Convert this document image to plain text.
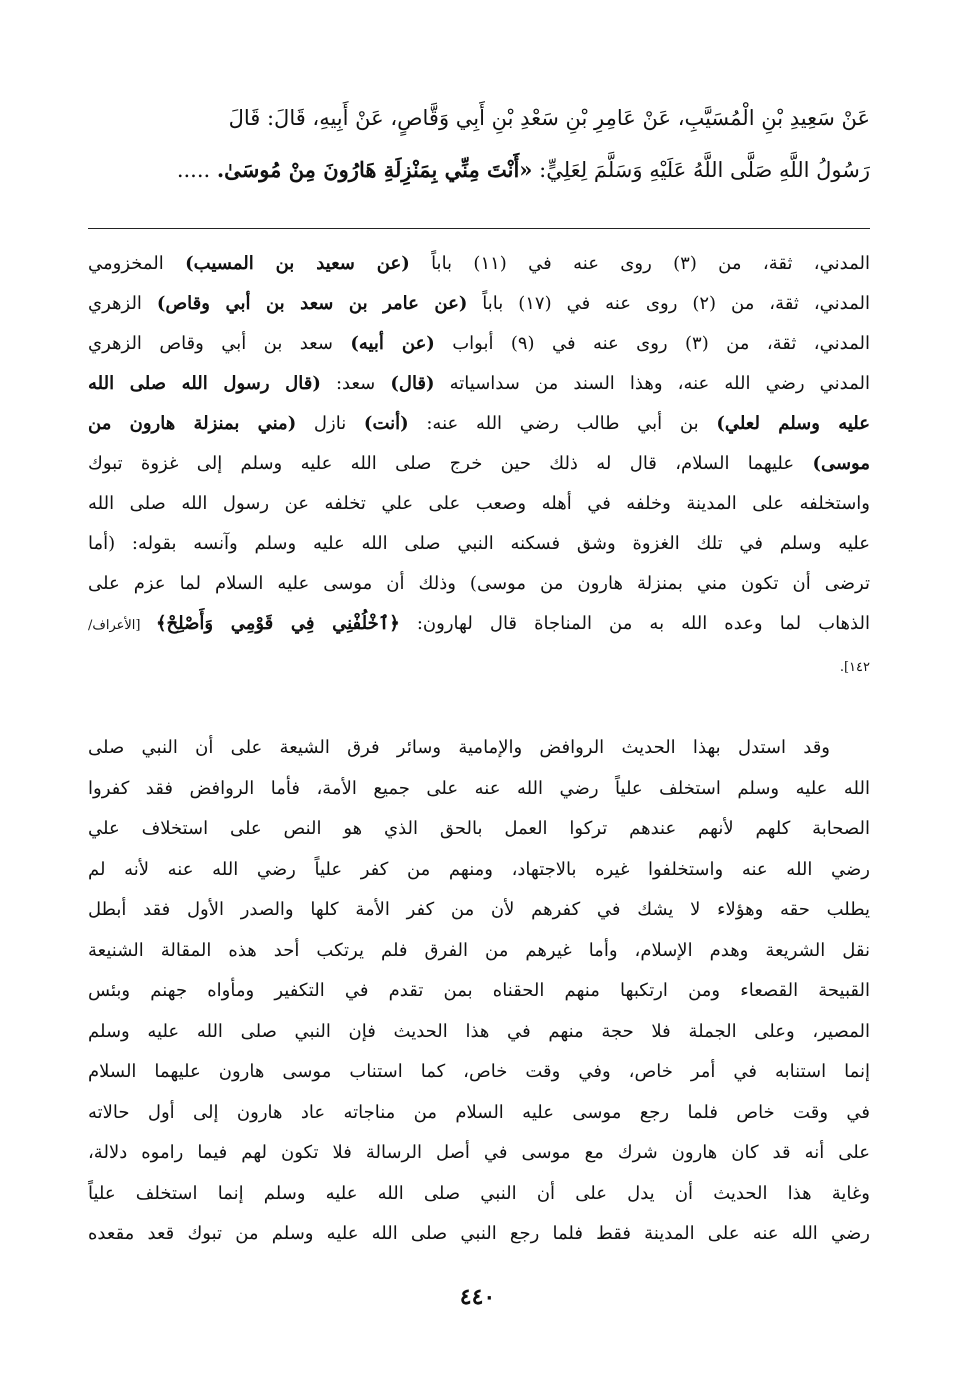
عَنْ سَعِيدِ بْنِ الْمُسَيَّبِ، عَنْ عَامِرِ بْنِ سَعْدِ بْنِ أَبِي وَقَّاصٍ، عَنْ أَبِيهِ، قَالَ: قَالَ
رَسُولُ اللَّهِ صَلَّى اللَّهُ عَلَيْهِ وَسَلَّمَ لِعَلِيٍّ: «أَنْتَ مِنِّي بِمَنْزِلَةِ هَارُونَ مِنْ مُوسَىٰ. .....
المدني، ثقة، من (٣) روى عنه في (١١) باباً (عن سعيد بن المسيب) المخزومي
المدني، ثقة، من (٢) روى عنه في (١٧) باباً (عن عامر بن سعد بن أبي وقاص) الزهري
المدني، ثقة، من (٣) روى عنه في (٩) أبواب (عن أبيه) سعد بن أبي وقاص الزهري
المدني رضي الله عنه، وهذا السند من سداسياته (قال) سعد: (قال رسول الله صلى الله
عليه وسلم لعلي) بن أبي طالب رضي الله عنه: (أنت) نازل (مني بمنزلة هارون من
موسى) عليهما السلام، قال له ذلك حين خرج صلى الله عليه وسلم إلى غزوة تبوك
واستخلفه على المدينة وخلفه في أهله وصعب على علي تخلفه عن رسول الله صلى الله
عليه وسلم في تلك الغزوة وشق فسكنه النبي صلى الله عليه وسلم وآنسه بقوله: (أما
ترضى أن تكون مني بمنزلة هارون من موسى) وذلك أن موسى عليه السلام لما عزم على
الذهاب لما وعده الله به من المناجاة قال لهارون: ﴿ٱخْلُفْنِي فِي قَوْمِي وَأَصْلِحْ﴾ [الأعراف/
١٤٢].
وقد استدل بهذا الحديث الروافض والإمامية وسائر فرق الشيعة على أن النبي صلى
الله عليه وسلم استخلف علياً رضي الله عنه على جميع الأمة، فأما الروافض فقد كفروا
الصحابة كلهم لأنهم عندهم تركوا العمل بالحق الذي هو النص على استخلاف علي
رضي الله عنه واستخلفوا غيره بالاجتهاد، ومنهم من كفر علياً رضي الله عنه لأنه لم
يطلب حقه وهؤلاء لا يشك في كفرهم لأن من كفر الأمة كلها والصدر الأول فقد أبطل
نقل الشريعة وهدم الإسلام، وأما غيرهم من الفرق فلم يرتكب أحد هذه المقالة الشنيعة
القبيحة القصعاء ومن ارتكبها منهم الحقناه بمن تقدم في التكفير ومأواه جهنم وبئس
المصير، وعلى الجملة فلا حجة منهم في هذا الحديث فإن النبي صلى الله عليه وسلم
إنما استنابه في أمر خاص، وفي وقت خاص، كما استناب موسى هارون عليهما السلام
في وقت خاص فلما رجع موسى عليه السلام من مناجاته عاد هارون إلى أول حالاته
على أنه قد كان هارون شرك مع موسى في أصل الرسالة فلا تكون لهم فيما راموه دلالة،
وغاية هذا الحديث أن يدل على أن النبي صلى الله عليه وسلم إنما استخلف علياً
رضي الله عنه على المدينة فقط فلما رجع النبي صلى الله عليه وسلم من تبوك قعد مقعده
٤٤٠
